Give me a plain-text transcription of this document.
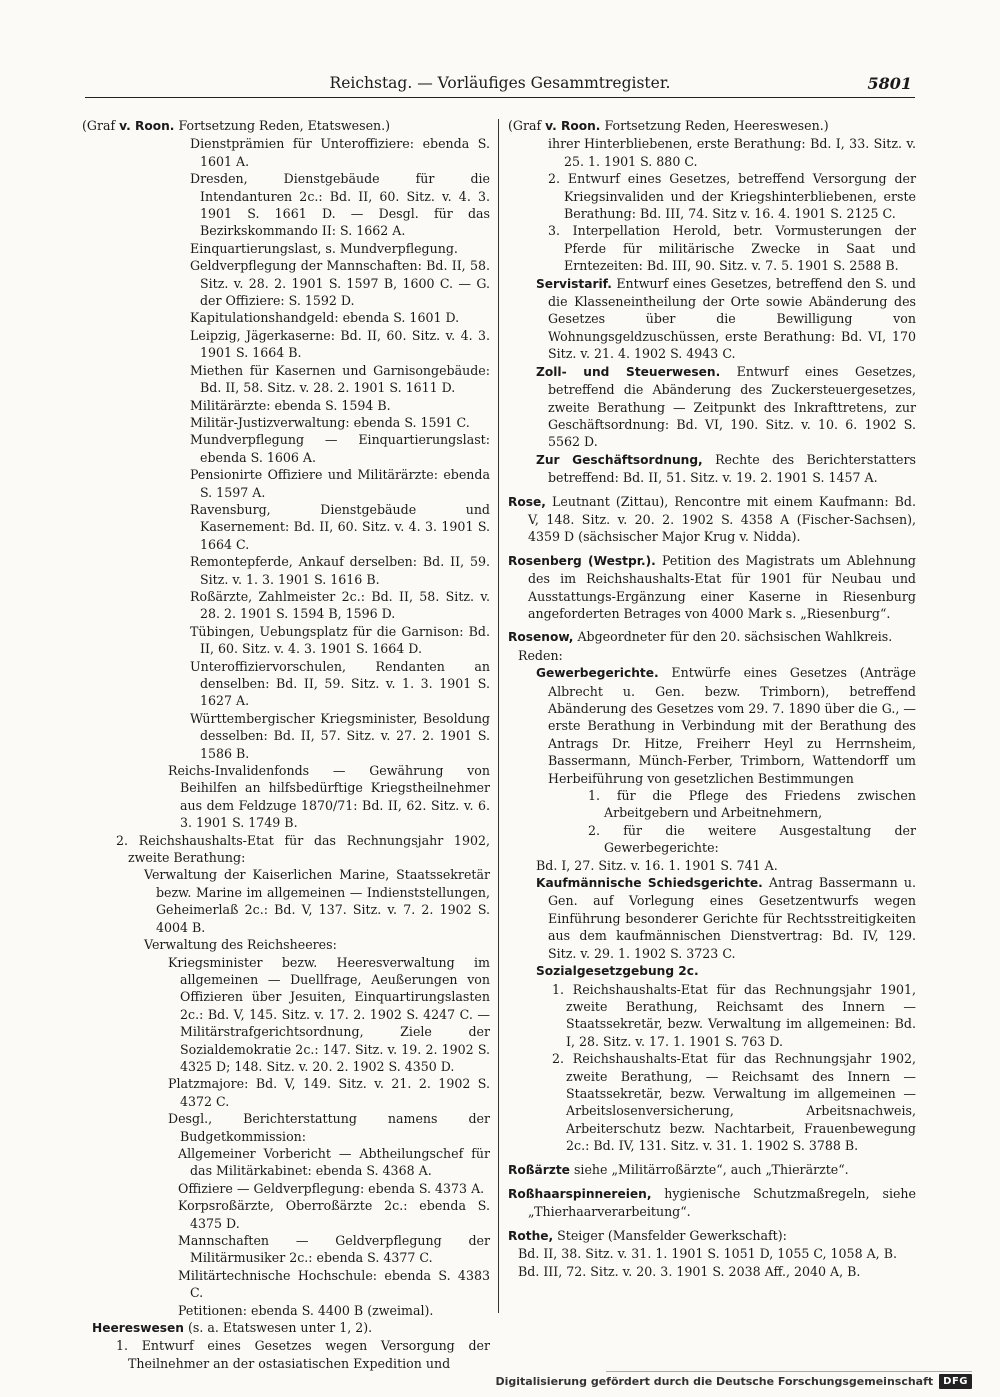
Reichstag. — Vorläufiges Gesammtregister.	5801

(Graf v. Roon. Fortsetzung Reden, Etatswesen.)

Dienstprämien für Unteroffiziere: ebenda S. 1601 A.

Dresden, Dienstgebäude für die Intendanturen 2c.: Bd. II, 60. Sitz. v. 4. 3. 1901 S. 1661 D. — Desgl. für das Bezirkskommando II: S. 1662 A.

Einquartierungslast, s. Mundverpflegung.

Geldverpflegung der Mannschaften: Bd. II, 58. Sitz. v. 28. 2. 1901 S. 1597 B, 1600 C. — G. der Offiziere: S. 1592 D.

Kapitulationshandgeld: ebenda S. 1601 D.

Leipzig, Jägerkaserne: Bd. II, 60. Sitz. v. 4. 3. 1901 S. 1664 B.

Miethen für Kasernen und Garnisongebäude: Bd. II, 58. Sitz. v. 28. 2. 1901 S. 1611 D.

Militärärzte: ebenda S. 1594 B.

Militär-Justizverwaltung: ebenda S. 1591 C.

Mundverpflegung — Einquartierungslast: ebenda S. 1606 A.

Pensionirte Offiziere und Militärärzte: ebenda S. 1597 A.

Ravensburg, Dienstgebäude und Kasernement: Bd. II, 60. Sitz. v. 4. 3. 1901 S. 1664 C.

Remontepferde, Ankauf derselben: Bd. II, 59. Sitz. v. 1. 3. 1901 S. 1616 B.

Roßärzte, Zahlmeister 2c.: Bd. II, 58. Sitz. v. 28. 2. 1901 S. 1594 B, 1596 D.

Tübingen, Uebungsplatz für die Garnison: Bd. II, 60. Sitz. v. 4. 3. 1901 S. 1664 D.

Unteroffiziervorschulen, Rendanten an denselben: Bd. II, 59. Sitz. v. 1. 3. 1901 S. 1627 A.

Württembergischer Kriegsminister, Besoldung desselben: Bd. II, 57. Sitz. v. 27. 2. 1901 S. 1586 B.

Reichs-Invalidenfonds — Gewährung von Beihilfen an hilfsbedürftige Kriegstheilnehmer aus dem Feldzuge 1870/71: Bd. II, 62. Sitz. v. 6. 3. 1901 S. 1749 B.

2. Reichshaushalts-Etat für das Rechnungsjahr 1902, zweite Berathung:

Verwaltung der Kaiserlichen Marine, Staatssekretär bezw. Marine im allgemeinen — Indienststellungen, Geheimerlaß 2c.: Bd. V, 137. Sitz. v. 7. 2. 1902 S. 4004 B.

Verwaltung des Reichsheeres:

Kriegsminister bezw. Heeresverwaltung im allgemeinen — Duellfrage, Aeußerungen von Offizieren über Jesuiten, Einquartirungslasten 2c.: Bd. V, 145. Sitz. v. 17. 2. 1902 S. 4247 C. — Militärstrafgerichtsordnung, Ziele der Sozialdemokratie 2c.: 147. Sitz. v. 19. 2. 1902 S. 4325 D; 148. Sitz. v. 20. 2. 1902 S. 4350 D.

Platzmajore: Bd. V, 149. Sitz. v. 21. 2. 1902 S. 4372 C.

Desgl., Berichterstattung namens der Budgetkommission:

Allgemeiner Vorbericht — Abtheilungschef für das Militärkabinet: ebenda S. 4368 A.

Offiziere — Geldverpflegung: ebenda S. 4373 A.

Korpsroßärzte, Oberroßärzte 2c.: ebenda S. 4375 D.

Mannschaften — Geldverpflegung der Militärmusiker 2c.: ebenda S. 4377 C.

Militärtechnische Hochschule: ebenda S. 4383 C.

Petitionen: ebenda S. 4400 B (zweimal).

Heereswesen (s. a. Etatswesen unter 1, 2).

1. Entwurf eines Gesetzes wegen Versorgung der Theilnehmer an der ostasiatischen Expedition und

(Graf v. Roon. Fortsetzung Reden, Heereswesen.)

ihrer Hinterbliebenen, erste Berathung: Bd. I, 33. Sitz. v. 25. 1. 1901 S. 880 C.

2. Entwurf eines Gesetzes, betreffend Versorgung der Kriegsinvaliden und der Kriegshinterbliebenen, erste Berathung: Bd. III, 74. Sitz v. 16. 4. 1901 S. 2125 C.

3. Interpellation Herold, betr. Vormusterungen der Pferde für militärische Zwecke in Saat und Erntezeiten: Bd. III, 90. Sitz. v. 7. 5. 1901 S. 2588 B.

Servistarif. Entwurf eines Gesetzes, betreffend den S. und die Klasseneintheilung der Orte sowie Abänderung des Gesetzes über die Bewilligung von Wohnungsgeldzuschüssen, erste Berathung: Bd. VI, 170 Sitz. v. 21. 4. 1902 S. 4943 C.

Zoll- und Steuerwesen. Entwurf eines Gesetzes, betreffend die Abänderung des Zuckersteuergesetzes, zweite Berathung — Zeitpunkt des Inkrafttretens, zur Geschäftsordnung: Bd. VI, 190. Sitz. v. 10. 6. 1902 S. 5562 D.

Zur Geschäftsordnung, Rechte des Berichterstatters betreffend: Bd. II, 51. Sitz. v. 19. 2. 1901 S. 1457 A.

Rose, Leutnant (Zittau), Rencontre mit einem Kaufmann: Bd. V, 148. Sitz. v. 20. 2. 1902 S. 4358 A (Fischer-Sachsen), 4359 D (sächsischer Major Krug v. Nidda).

Rosenberg (Westpr.). Petition des Magistrats um Ablehnung des im Reichshaushalts-Etat für 1901 für Neubau und Ausstattungs-Ergänzung einer Kaserne in Riesenburg angeforderten Betrages von 4000 Mark s. „Riesenburg“.

Rosenow, Abgeordneter für den 20. sächsischen Wahlkreis.

Reden:

Gewerbegerichte. Entwürfe eines Gesetzes (Anträge Albrecht u. Gen. bezw. Trimborn), betreffend Abänderung des Gesetzes vom 29. 7. 1890 über die G., — erste Berathung in Verbindung mit der Berathung des Antrags Dr. Hitze, Freiherr Heyl zu Herrnsheim, Bassermann, Münch-Ferber, Trimborn, Wattendorff um Herbeiführung von gesetzlichen Bestimmungen

1. für die Pflege des Friedens zwischen Arbeitgebern und Arbeitnehmern,

2. für die weitere Ausgestaltung der Gewerbegerichte:

Bd. I, 27. Sitz. v. 16. 1. 1901 S. 741 A.

Kaufmännische Schiedsgerichte. Antrag Bassermann u. Gen. auf Vorlegung eines Gesetzentwurfs wegen Einführung besonderer Gerichte für Rechtsstreitigkeiten aus dem kaufmännischen Dienstvertrag: Bd. IV, 129. Sitz. v. 29. 1. 1902 S. 3723 C.

Sozialgesetzgebung 2c.

1. Reichshaushalts-Etat für das Rechnungsjahr 1901, zweite Berathung, Reichsamt des Innern — Staatssekretär, bezw. Verwaltung im allgemeinen: Bd. I, 28. Sitz. v. 17. 1. 1901 S. 763 D.

2. Reichshaushalts-Etat für das Rechnungsjahr 1902, zweite Berathung, — Reichsamt des Innern — Staatssekretär, bezw. Verwaltung im allgemeinen — Arbeitslosenversicherung, Arbeitsnachweis, Arbeiterschutz bezw. Nachtarbeit, Frauenbewegung 2c.: Bd. IV, 131. Sitz. v. 31. 1. 1902 S. 3788 B.

Roßärzte siehe „Militärroßärzte“, auch „Thierärzte“.

Roßhaarspinnereien, hygienische Schutzmaßregeln, siehe „Thierhaarverarbeitung“.

Rothe, Steiger (Mansfelder Gewerkschaft):

Bd. II, 38. Sitz. v. 31. 1. 1901 S. 1051 D, 1055 C, 1058 A, B.

Bd. III, 72. Sitz. v. 20. 3. 1901 S. 2038 Aff., 2040 A, B.

Digitalisierung gefördert durch die Deutsche Forschungsgemeinschaft	DFG
